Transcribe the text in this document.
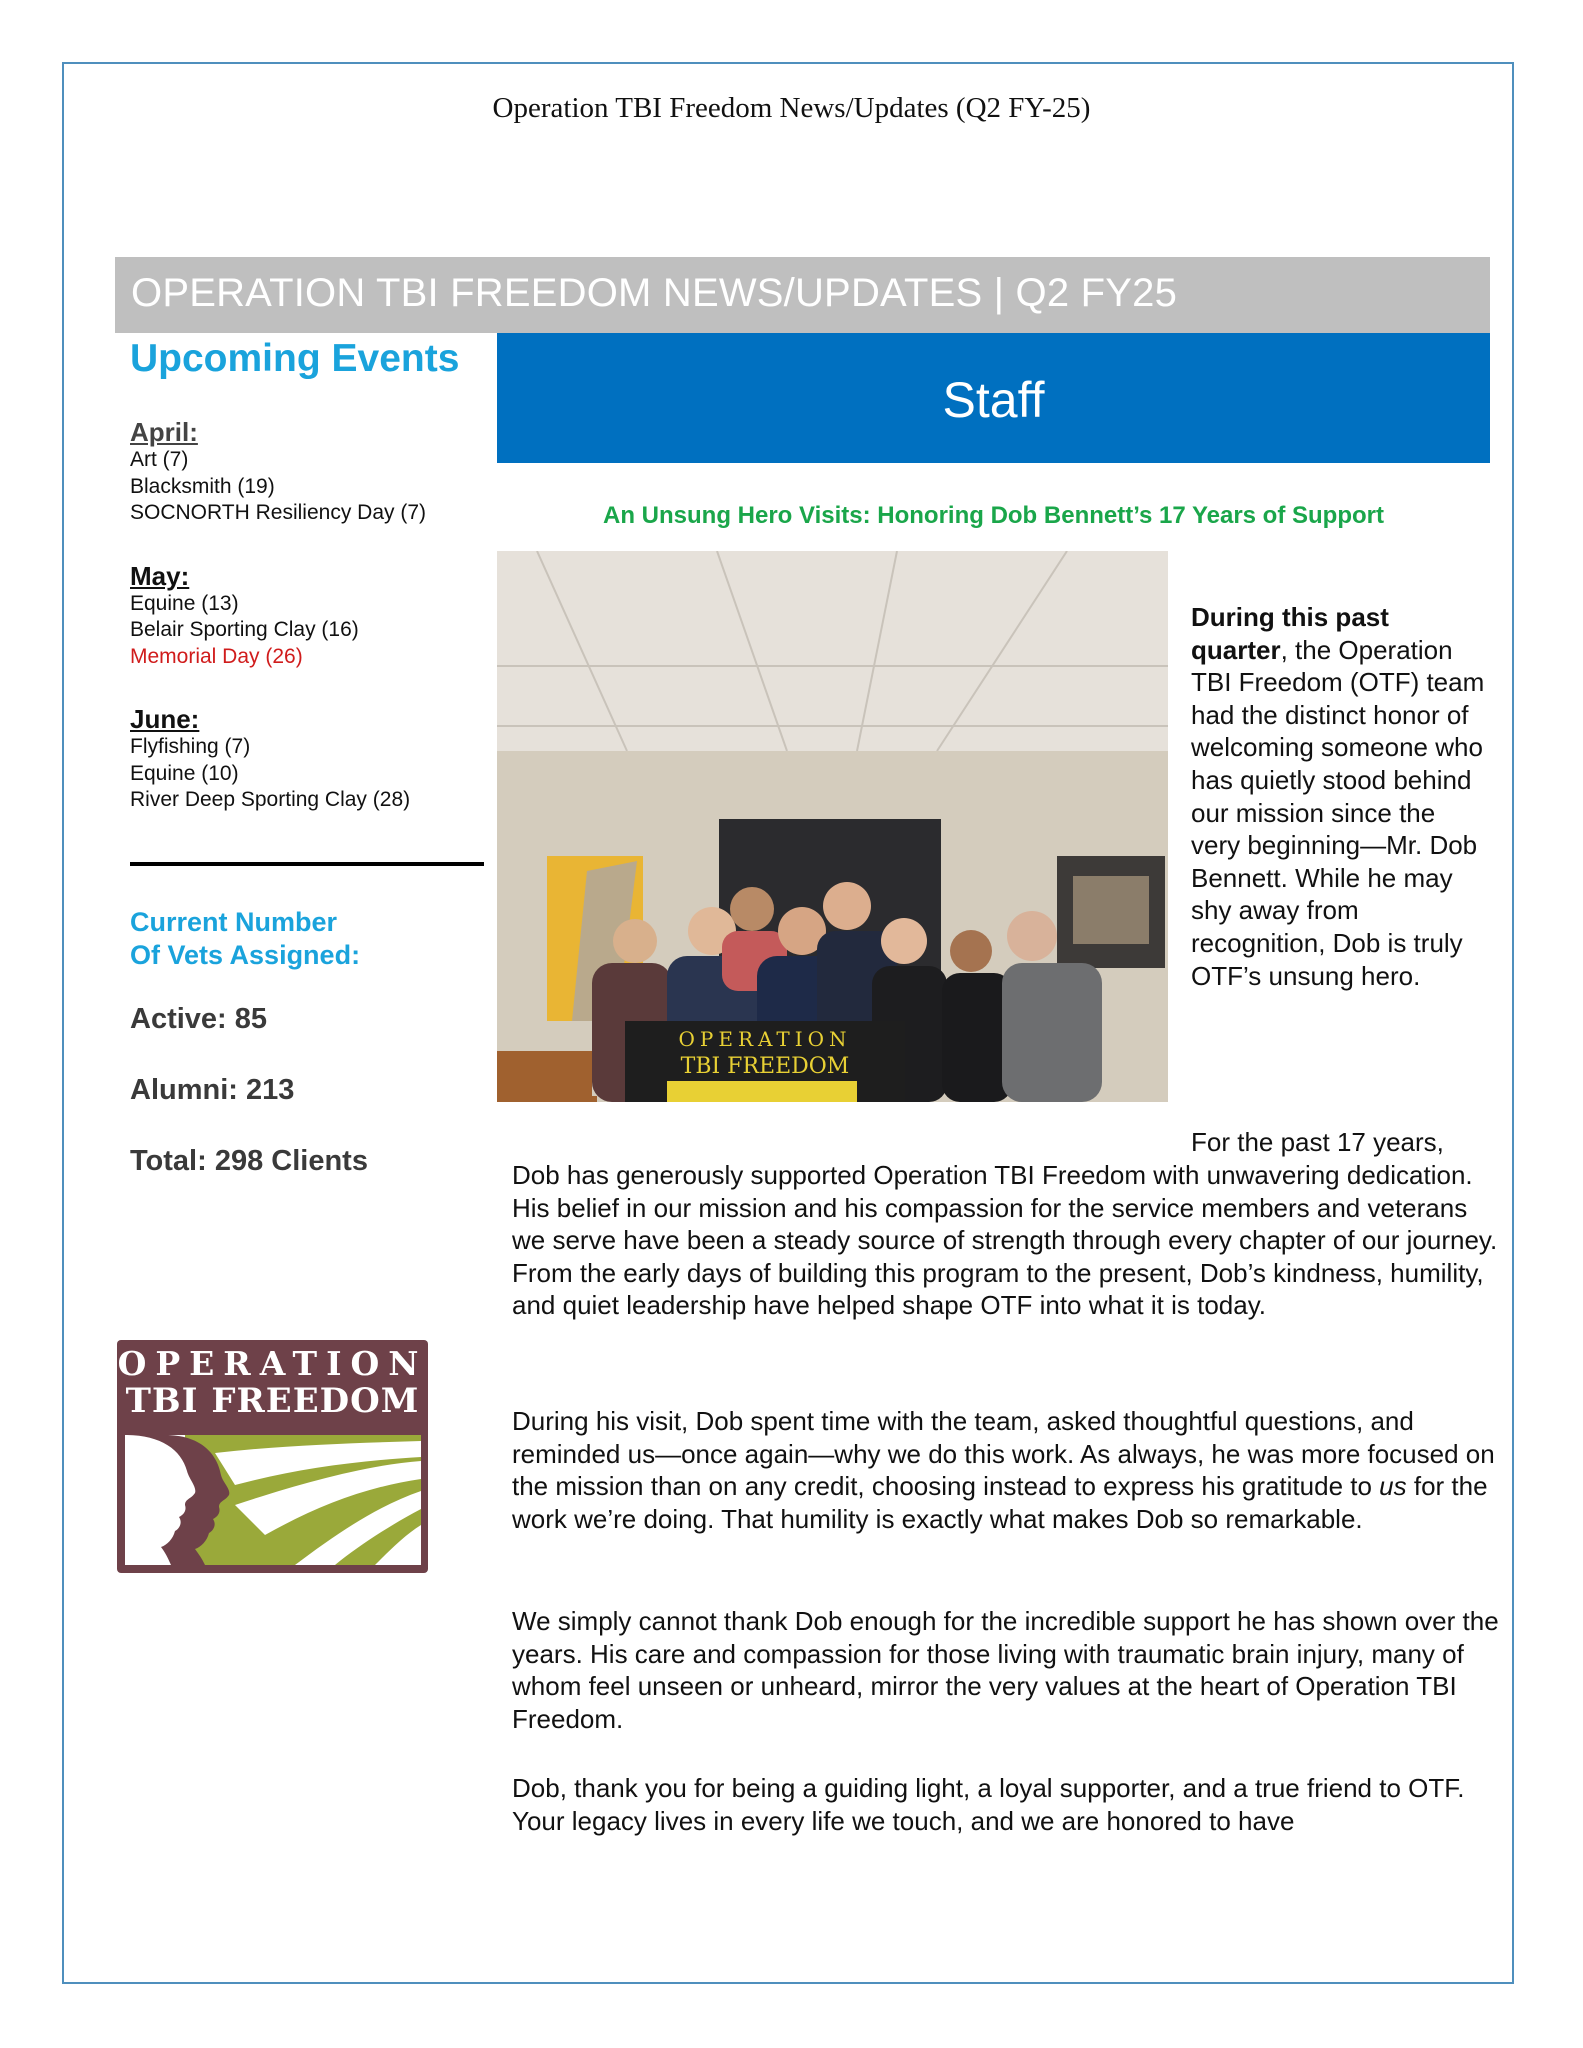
Operation TBI Freedom News/Updates (Q2 FY-25)
OPERATION TBI FREEDOM NEWS/UPDATES | Q2 FY25
Upcoming Events
April:
Art (7)
Blacksmith (19)
SOCNORTH Resiliency Day (7)
May:
Equine (13)
Belair Sporting Clay (16)
Memorial Day (26)
June:
Flyfishing (7)
Equine (10)
River Deep Sporting Clay (28)
Current Number
Of Vets Assigned:
Active: 85
Alumni: 213
Total: 298 Clients
OPERATION
TBI FREEDOM
Staff
An Unsung Hero Visits: Honoring Dob Bennett’s 17 Years of Support
OPERATION
TBI FREEDOM
During this past quarter, the Operation TBI Freedom (OTF) team had the distinct honor of welcoming someone who has quietly stood behind our mission since the very beginning—Mr. Dob Bennett. While he may shy away from recognition, Dob is truly OTF’s unsung hero.
For the past 17 years,

Dob has generously supported Operation TBI Freedom with unwavering dedication. His belief in our mission and his compassion for the service members and veterans we serve have been a steady source of strength through every chapter of our journey. From the early days of building this program to the present, Dob’s kindness, humility, and quiet leadership have helped shape OTF into what it is today.

During his visit, Dob spent time with the team, asked thoughtful questions, and reminded us—once again—why we do this work. As always, he was more focused on the mission than on any credit, choosing instead to express his gratitude to us for the work we’re doing. That humility is exactly what makes Dob so remarkable.

We simply cannot thank Dob enough for the incredible support he has shown over the years. His care and compassion for those living with traumatic brain injury, many of whom feel unseen or unheard, mirror the very values at the heart of Operation TBI Freedom.

Dob, thank you for being a guiding light, a loyal supporter, and a true friend to OTF. Your legacy lives in every life we touch, and we are honored to have
